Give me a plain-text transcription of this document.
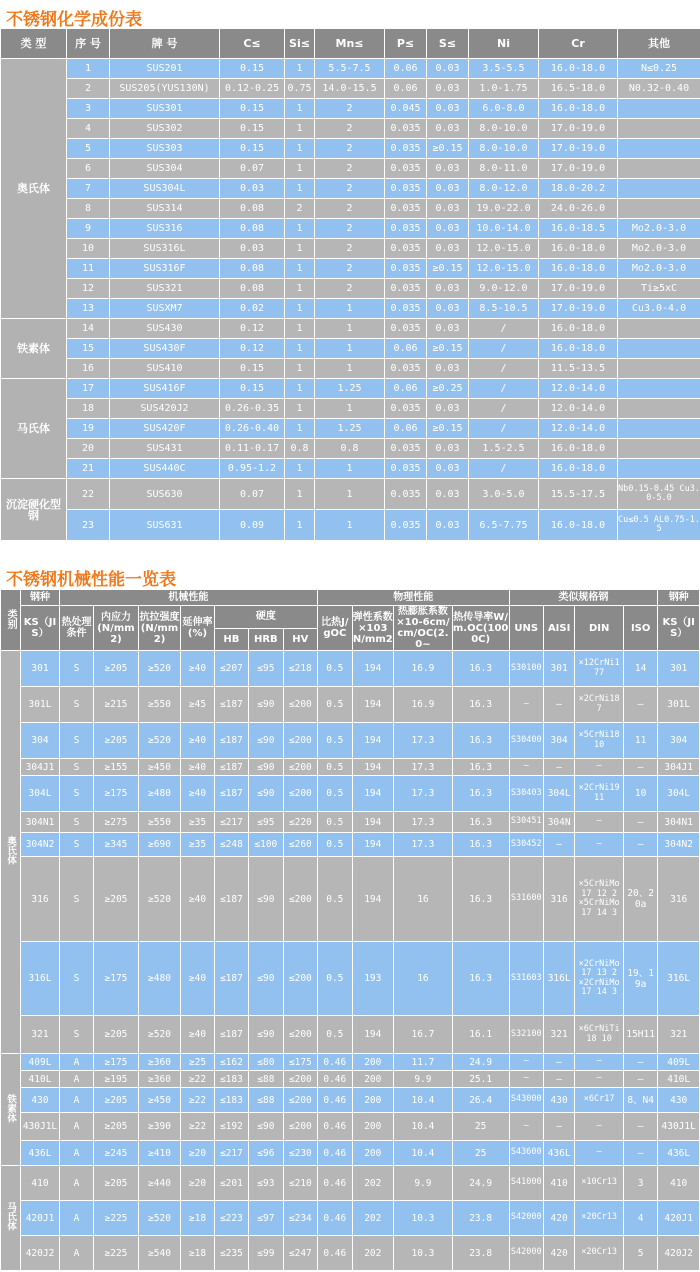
不锈钢化学成份表
类 型	序 号	牌 号	C≤	Si≤	Mn≤	P≤	S≤	Ni	Cr	其他
奥氏体	1	SUS201	0.15	1	5.5-7.5	0.06	0.03	3.5-5.5	16.0-18.0	N≤0.25
	2	SUS205(YUS130N)	0.12-0.25	0.75	14.0-15.5	0.06	0.03	1.0-1.75	16.5-18.0	N0.32-0.40
	3	SUS301	0.15	1	2	0.045	0.03	6.0-8.0	16.0-18.0	
	4	SUS302	0.15	1	2	0.035	0.03	8.0-10.0	17.0-19.0	
	5	SUS303	0.15	1	2	0.035	≥0.15	8.0-10.0	17.0-19.0	
	6	SUS304	0.07	1	2	0.035	0.03	8.0-11.0	17.0-19.0	
	7	SUS304L	0.03	1	2	0.035	0.03	8.0-12.0	18.0-20.2	
	8	SUS314	0.08	2	2	0.035	0.03	19.0-22.0	24.0-26.0	
	9	SUS316	0.08	1	2	0.035	0.03	10.0-14.0	16.0-18.5	Mo2.0-3.0
	10	SUS316L	0.03	1	2	0.035	0.03	12.0-15.0	16.0-18.0	Mo2.0-3.0
	11	SUS316F	0.08	1	2	0.035	≥0.15	12.0-15.0	16.0-18.0	Mo2.0-3.0
	12	SUS321	0.08	1	2	0.035	0.03	9.0-12.0	17.0-19.0	Ti≥5xC
	13	SUSXM7	0.02	1	1	0.035	0.03	8.5-10.5	17.0-19.0	Cu3.0-4.0
铁素体	14	SUS430	0.12	1	1	0.035	0.03	/	16.0-18.0	
	15	SUS430F	0.12	1	1	0.06	≥0.15	/	16.0-18.0	
	16	SUS410	0.15	1	1	0.035	0.03	/	11.5-13.5	
马氏体	17	SUS416F	0.15	1	1.25	0.06	≥0.25	/	12.0-14.0	
	18	SUS420J2	0.26-0.35	1	1	0.035	0.03	/	12.0-14.0	
	19	SUS420F	0.26-0.40	1	1.25	0.06	≥0.15	/	12.0-14.0	
	20	SUS431	0.11-0.17	0.8	0.8	0.035	0.03	1.5-2.5	16.0-18.0	
	21	SUS440C	0.95-1.2	1	1	0.035	0.03	/	16.0-18.0	
沉淀硬化型钢	22	SUS630	0.07	1	1	0.035	0.03	3.0-5.0	15.5-17.5	Nb0.15-0.45 Cu3.0-5.0
	23	SUS631	0.09	1	1	0.035	0.03	6.5-7.75	16.0-18.0	Cu≤0.5 AL0.75-1.5
不锈钢机械性能一览表
类别	钢种	机械性能							物理性能				类似规格钢				钢种
	KS（JIS）	热处理条件	内应力(N/mm2)	抗拉强度(N/mm2)	延伸率(%)	硬度			比热J/gOC	弹性系数×103N/mm2	热膨胀系数×10-6cm/cm/OC(2.0~	热传导率W/m.OC(1000C)	UNS	AISI	DIN	ISO	KS（JIS）
						HB	HRB	HV									
奥氏体	301	S	≥205	≥520	≥40	≤207	≤95	≤218	0.5	194	16.9	16.3	S30100	301	×12CrNi177	14	301
	301L	S	≥215	≥550	≥45	≤187	≤90	≤200	0.5	194	16.9	16.3	–	–	×2CrNi187	–	301L
	304	S	≥205	≥520	≥40	≤187	≤90	≤200	0.5	194	17.3	16.3	S30400	304	×5CrNi1810	11	304
	304J1	S	≥155	≥450	≥40	≤187	≤90	≤200	0.5	194	17.3	16.3	–	–	–	–	304J1
	304L	S	≥175	≥480	≥40	≤187	≤90	≤200	0.5	194	17.3	16.3	S30403	304L	×2CrNi1911	10	304L
	304N1	S	≥275	≥550	≥35	≤217	≤95	≤220	0.5	194	17.3	16.3	S30451	304N	–	–	304N1
	304N2	S	≥345	≥690	≥35	≤248	≤100	≤260	0.5	194	17.3	16.3	S30452	–	–	–	304N2
	316	S	≥205	≥520	≥40	≤187	≤90	≤200	0.5	194	16	16.3	S31600	316	×5CrNiMo17 12 2 ×5CrNiMo17 14 3	20、20a	316
	316L	S	≥175	≥480	≥40	≤187	≤90	≤200	0.5	193	16	16.3	S31603	316L	×2CrNiMo17 13 2 ×2CrNiMo17 14 3	19、19a	316L
	321	S	≥205	≥520	≥40	≤187	≤90	≤200	0.5	194	16.7	16.1	S32100	321	×6CrNiTi18 10	15H11	321
铁素体	409L	A	≥175	≥360	≥25	≤162	≤80	≤175	0.46	200	11.7	24.9	–	–	–	–	409L
	410L	A	≥195	≥360	≥22	≤183	≤88	≤200	0.46	200	9.9	25.1	–	–	–	–	410L
	430	A	≥205	≥450	≥22	≤183	≤88	≤200	0.46	200	10.4	26.4	S43000	430	×6Cr17	8、N4	430
	430J1L	A	≥205	≥390	≥22	≤192	≤90	≤200	0.46	200	10.4	25	–	–	–	–	430J1L
	436L	A	≥245	≥410	≥20	≤217	≤96	≤230	0.46	200	10.4	25	S43600	436L	–	–	436L
马氏体	410	A	≥205	≥440	≥20	≤201	≤93	≤210	0.46	202	9.9	24.9	S41000	410	×10Cr13	3	410
	420J1	A	≥225	≥520	≥18	≤223	≤97	≤234	0.46	202	10.3	23.8	S42000	420	×20Cr13	4	420J1
	420J2	A	≥225	≥540	≥18	≤235	≤99	≤247	0.46	202	10.3	23.8	S42000	420	×20Cr13	5	420J2
